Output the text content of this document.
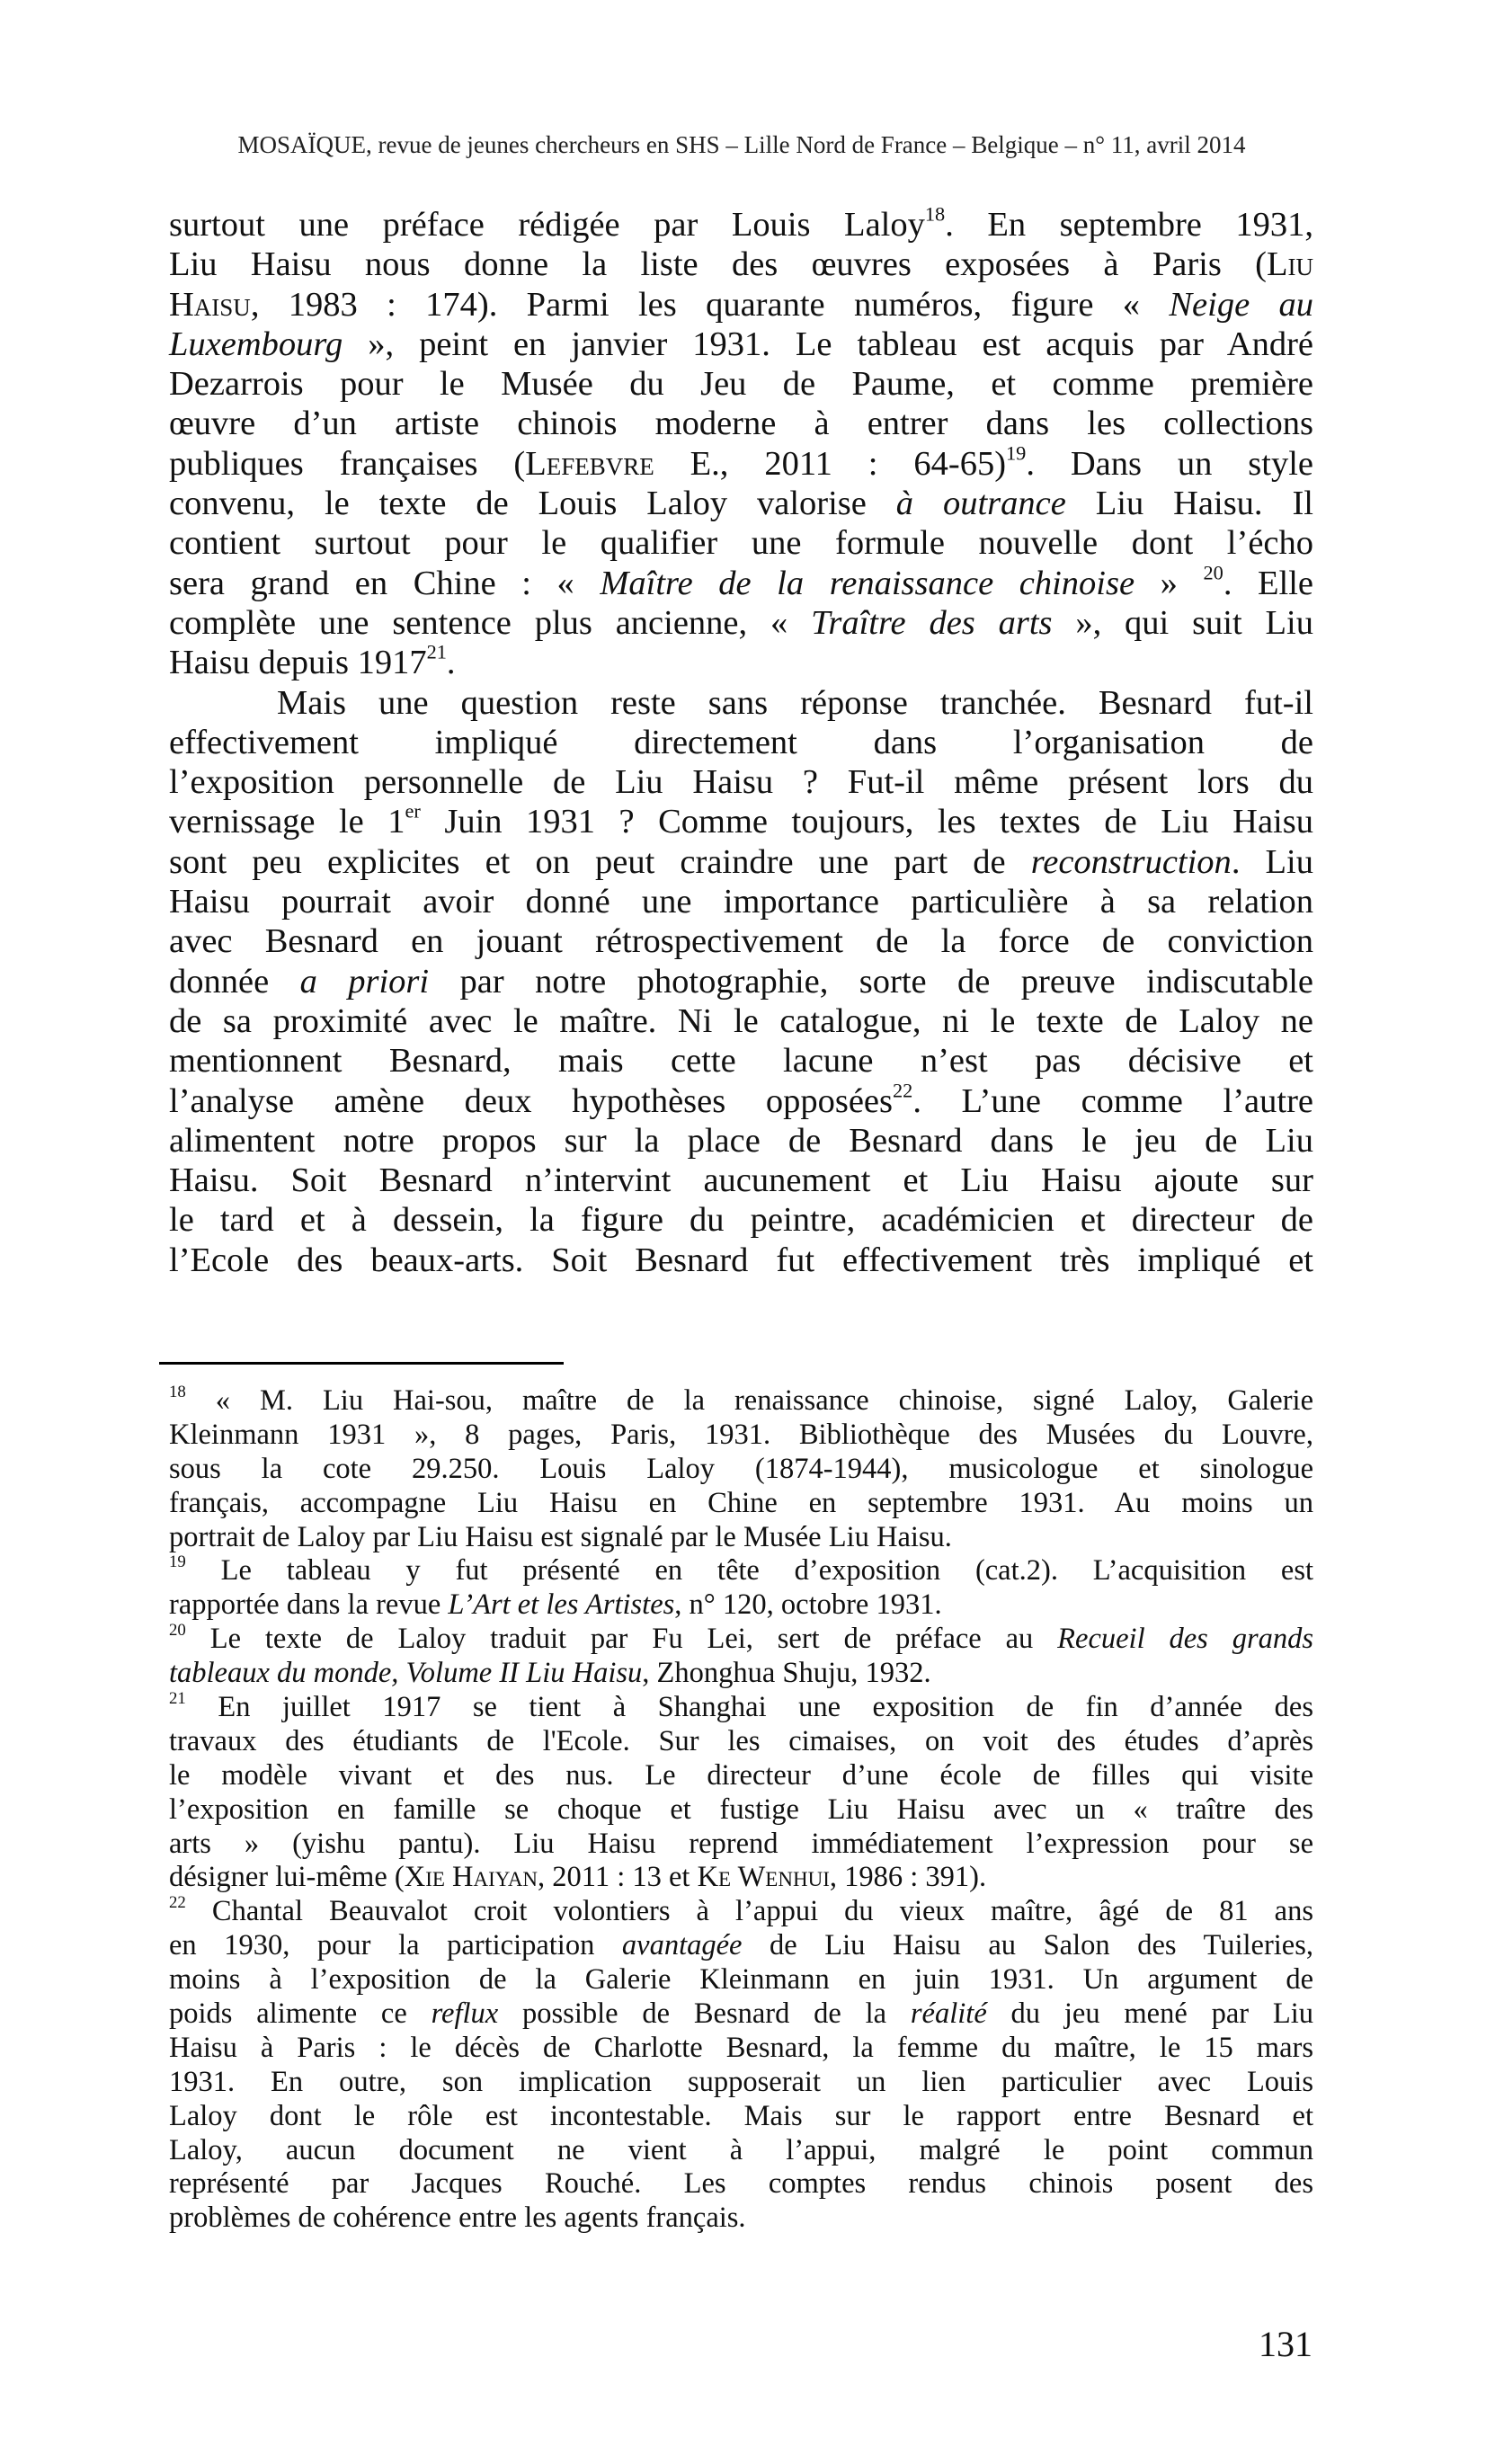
MOSAÏQUE, revue de jeunes chercheurs en SHS – Lille Nord de France – Belgique – n° 11, avril 2014
surtout une préface rédigée par Louis Laloy$^{18}$. En septembre 1931,
Liu Haisu nous donne la liste des œuvres exposées à Paris (Liu
Haisu, 1983 : 174). Parmi les quarante numéros, figure « Neige au
Luxembourg », peint en janvier 1931. Le tableau est acquis par André
Dezarrois pour le Musée du Jeu de Paume, et comme première
œuvre d’un artiste chinois moderne à entrer dans les collections
publiques françaises (Lefebvre E., 2011 : 64-65)$^{19}$. Dans un style
convenu, le texte de Louis Laloy valorise à outrance Liu Haisu. Il
contient surtout pour le qualifier une formule nouvelle dont l’écho
sera grand en Chine : « Maître de la renaissance chinoise » $^{20}$. Elle
complète une sentence plus ancienne, « Traître des arts », qui suit Liu
Haisu depuis 1917$^{21}$.
Mais une question reste sans réponse tranchée. Besnard fut-il
effectivement impliqué directement dans l’organisation de
l’exposition personnelle de Liu Haisu ? Fut-il même présent lors du
vernissage le 1er Juin 1931 ? Comme toujours, les textes de Liu Haisu
sont peu explicites et on peut craindre une part de reconstruction. Liu
Haisu pourrait avoir donné une importance particulière à sa relation
avec Besnard en jouant rétrospectivement de la force de conviction
donnée a priori par notre photographie, sorte de preuve indiscutable
de sa proximité avec le maître. Ni le catalogue, ni le texte de Laloy ne
mentionnent Besnard, mais cette lacune n’est pas décisive et
l’analyse amène deux hypothèses opposées$^{22}$. L’une comme l’autre
alimentent notre propos sur la place de Besnard dans le jeu de Liu
Haisu. Soit Besnard n’intervint aucunement et Liu Haisu ajoute sur
le tard et à dessein, la figure du peintre, académicien et directeur de
l’Ecole des beaux-arts. Soit Besnard fut effectivement très impliqué et
$^{18}$ « M. Liu Hai-sou, maître de la renaissance chinoise, signé Laloy, Galerie
Kleinmann 1931 », 8 pages, Paris, 1931. Bibliothèque des Musées du Louvre,
sous la cote 29.250. Louis Laloy (1874-1944), musicologue et sinologue
français, accompagne Liu Haisu en Chine en septembre 1931. Au moins un
portrait de Laloy par Liu Haisu est signalé par le Musée Liu Haisu.
$^{19}$ Le tableau y fut présenté en tête d’exposition (cat.2). L’acquisition est
rapportée dans la revue L’Art et les Artistes, n° 120, octobre 1931.
$^{20}$ Le texte de Laloy traduit par Fu Lei, sert de préface au Recueil des grands
tableaux du monde, Volume II Liu Haisu, Zhonghua Shuju, 1932.
$^{21}$ En juillet 1917 se tient à Shanghai une exposition de fin d’année des
travaux des étudiants de l'Ecole. Sur les cimaises, on voit des études d’après
le modèle vivant et des nus. Le directeur d’une école de filles qui visite
l’exposition en famille se choque et fustige Liu Haisu avec un « traître des
arts » (yishu pantu). Liu Haisu reprend immédiatement l’expression pour se
désigner lui-même (Xie Haiyan, 2011 : 13 et Ke Wenhui, 1986 : 391).
$^{22}$ Chantal Beauvalot croit volontiers à l’appui du vieux maître, âgé de 81 ans
en 1930, pour la participation avantagée de Liu Haisu au Salon des Tuileries,
moins à l’exposition de la Galerie Kleinmann en juin 1931. Un argument de
poids alimente ce reflux possible de Besnard de la réalité du jeu mené par Liu
Haisu à Paris : le décès de Charlotte Besnard, la femme du maître, le 15 mars
1931. En outre, son implication supposerait un lien particulier avec Louis
Laloy dont le rôle est incontestable. Mais sur le rapport entre Besnard et
Laloy, aucun document ne vient à l’appui, malgré le point commun
représenté par Jacques Rouché. Les comptes rendus chinois posent des
problèmes de cohérence entre les agents français.
131
